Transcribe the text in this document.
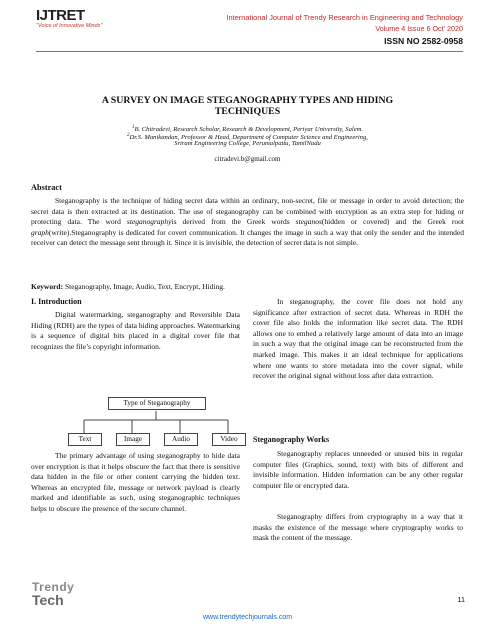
IJTRET
"Voice of Innovative Minds"
International Journal of Trendy Research in Engineering and Technology
Volume 4 Issue 6 Oct' 2020
ISSN NO 2582-0958
A SURVEY ON IMAGE STEGANOGRAPHY TYPES AND HIDING
TECHNIQUES
$^1$B. Chitradevi, Research Scholar, Research & Development, Periyar University, Salem.
$^2$Dr.S. Manikandan, Professor & Head, Department of Computer Science and Engineering,
Sriram Engineering College, Perumalpattu, TamilNadu
citradevi.b@gmail.com
Abstract
Steganography is the technique of hiding secret data within an ordinary, non-secret, file or message in order to avoid detection; the secret data is then extracted at its destination. The use of steganography can be combined with encryption as an extra step for hiding or protecting data. The word steganographyis derived from the Greek words steganos(hidden or covered) and the Greek root graph(write).Steganography is dedicated for covert communication. It changes the image in such a way that only the sender and the intended receiver can detect the message sent through it. Since it is invisible, the detection of secret data is not simple.
Keyword: Steganography, Image, Audio, Text, Encrypt, Hiding.
I. Introduction

Digital watermarking, steganography and Reversible Data Hiding (RDH) are the types of data hiding approaches. Watermarking is a sequence of digital bits placed in a digital cover file that recognizes the file’s copyright information.

Type of Steganography
Text	Image	Audio	Video

The primary advantage of using steganography to hide data over encryption is that it helps obscure the fact that there is sensitive data hidden in the file or other content carrying the hidden text. Whereas an encrypted file, message or network payload is clearly marked and identifiable as such, using steganographic techniques helps to obscure the presence of the secure channel.

In steganography, the cover file does not hold any significance after extraction of secret data. Whereas in RDH the cover file also holds the information like secret data. The RDH allows one to embed a relatively large amount of data into an image in such a way that the original image can be reconstructed from the marked image. This makes it an ideal technique for applications where one wants to store metadata into the cover signal, while recover the original signal without loss after data extraction.

Steganography Works

Steganography replaces unneeded or unused bits in regular computer files (Graphics, sound, text) with bits of different and invisible information. Hidden information can be any other regular computer file or encrypted data.

Steganography differs from cryptography in a way that it masks the existence of the message where cryptography works to mask the content of the message.

www.trendytechjournals.com
11
Trendy
Tech
